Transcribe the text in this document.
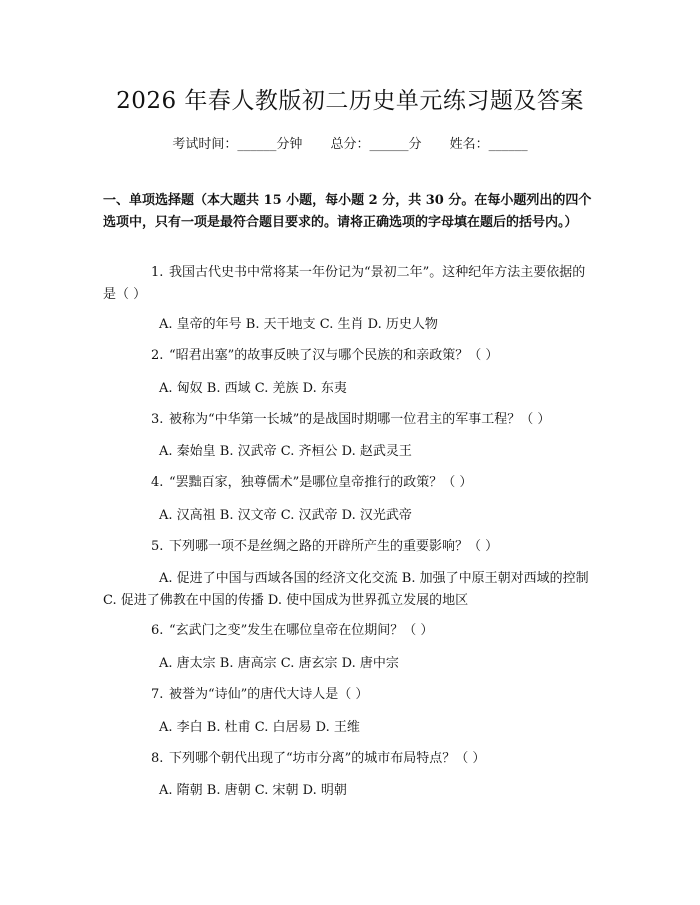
2026 年春人教版初二历史单元练习题及答案
考试时间：______分钟 总分：______分 姓名：______
一、单项选择题（本大题共 15 小题，每小题 2 分，共 30 分。在每小题列出的四个选项中，只有一项是最符合题目要求的。请将正确选项的字母填在题后的括号内。）
1. 我国古代史书中常将某一年份记为“景初二年”。这种纪年方法主要依据的是（ ）
A. 皇帝的年号 B. 天干地支 C. 生肖 D. 历史人物
2. “昭君出塞”的故事反映了汉与哪个民族的和亲政策？（ ）
A. 匈奴 B. 西域 C. 羌族 D. 东夷
3. 被称为“中华第一长城”的是战国时期哪一位君主的军事工程？（ ）
A. 秦始皇 B. 汉武帝 C. 齐桓公 D. 赵武灵王
4. “罢黜百家，独尊儒术”是哪位皇帝推行的政策？（ ）
A. 汉高祖 B. 汉文帝 C. 汉武帝 D. 汉光武帝
5. 下列哪一项不是丝绸之路的开辟所产生的重要影响？（ ）
A. 促进了中国与西域各国的经济文化交流 B. 加强了中原王朝对西域的控制 C. 促进了佛教在中国的传播 D. 使中国成为世界孤立发展的地区
6. “玄武门之变”发生在哪位皇帝在位期间？（ ）
A. 唐太宗 B. 唐高宗 C. 唐玄宗 D. 唐中宗
7. 被誉为“诗仙”的唐代大诗人是（ ）
A. 李白 B. 杜甫 C. 白居易 D. 王维
8. 下列哪个朝代出现了“坊市分离”的城市布局特点？（ ）
A. 隋朝 B. 唐朝 C. 宋朝 D. 明朝
